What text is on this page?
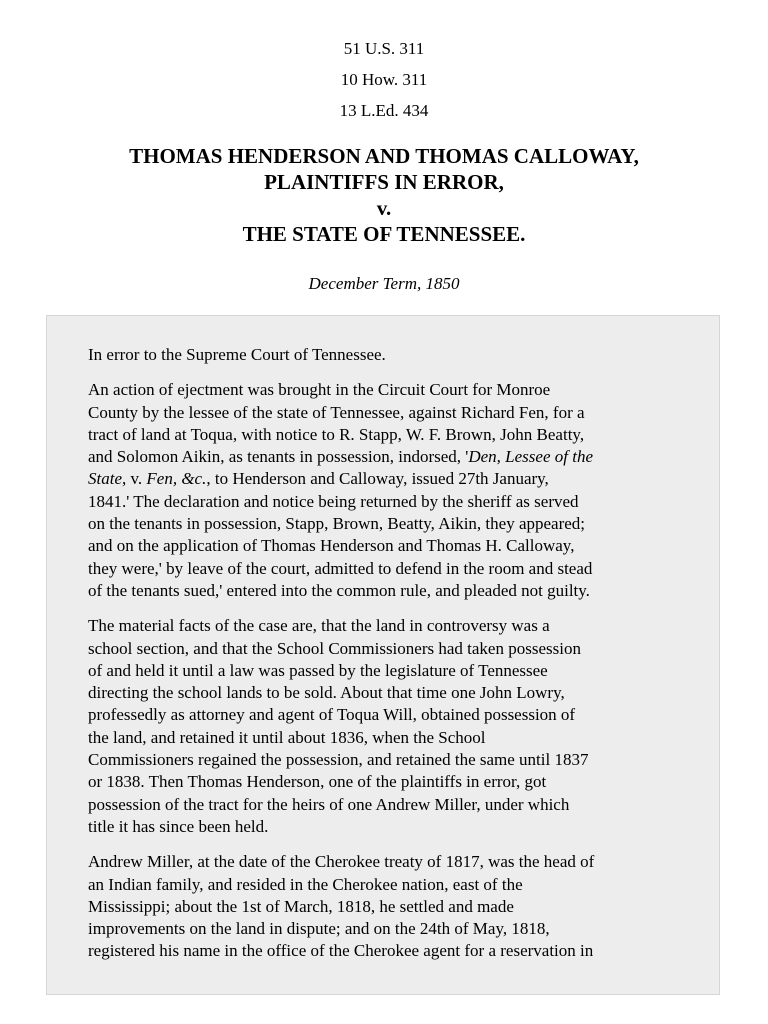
51 U.S. 311
10 How. 311
13 L.Ed. 434
THOMAS HENDERSON AND THOMAS CALLOWAY,
PLAINTIFFS IN ERROR,
v.
THE STATE OF TENNESSEE.
December Term, 1850

In error to the Supreme Court of Tennessee.

An action of ejectment was brought in the Circuit Court for Monroe
County by the lessee of the state of Tennessee, against Richard Fen, for a
tract of land at Toqua, with notice to R. Stapp, W. F. Brown, John Beatty,
and Solomon Aikin, as tenants in possession, indorsed, 'Den, Lessee of the
State, v. Fen, &c., to Henderson and Calloway, issued 27th January,
1841.' The declaration and notice being returned by the sheriff as served
on the tenants in possession, Stapp, Brown, Beatty, Aikin, they appeared;
and on the application of Thomas Henderson and Thomas H. Calloway,
they were,' by leave of the court, admitted to defend in the room and stead
of the tenants sued,' entered into the common rule, and pleaded not guilty.

The material facts of the case are, that the land in controversy was a
school section, and that the School Commissioners had taken possession
of and held it until a law was passed by the legislature of Tennessee
directing the school lands to be sold. About that time one John Lowry,
professedly as attorney and agent of Toqua Will, obtained possession of
the land, and retained it until about 1836, when the School
Commissioners regained the possession, and retained the same until 1837
or 1838. Then Thomas Henderson, one of the plaintiffs in error, got
possession of the tract for the heirs of one Andrew Miller, under which
title it has since been held.

Andrew Miller, at the date of the Cherokee treaty of 1817, was the head of
an Indian family, and resided in the Cherokee nation, east of the
Mississippi; about the 1st of March, 1818, he settled and made
improvements on the land in dispute; and on the 24th of May, 1818,
registered his name in the office of the Cherokee agent for a reservation in
